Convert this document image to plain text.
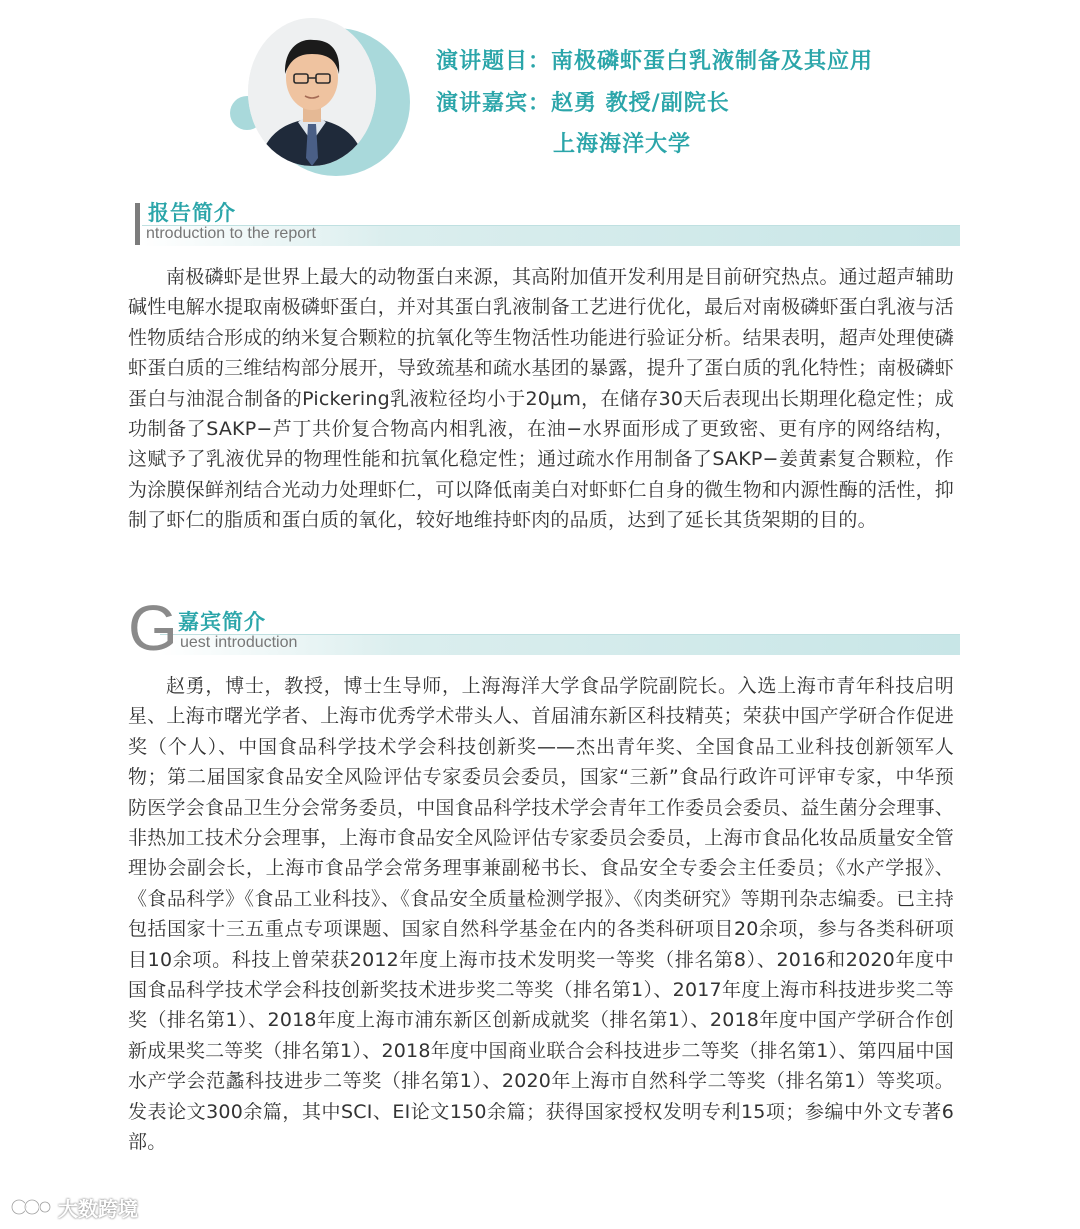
演讲题目：南极磷虾蛋白乳液制备及其应用
演讲嘉宾：赵勇 教授/副院长
上海海洋大学
报告简介
ntroduction to the report

南极磷虾是世界上最大的动物蛋白来源，其高附加值开发利用是目前研究热点。通过超声辅助碱性电解水提取南极磷虾蛋白，并对其蛋白乳液制备工艺进行优化，最后对南极磷虾蛋白乳液与活性物质结合形成的纳米复合颗粒的抗氧化等生物活性功能进行验证分析。结果表明，超声处理使磷虾蛋白质的三维结构部分展开，导致巯基和疏水基团的暴露，提升了蛋白质的乳化特性；南极磷虾蛋白与油混合制备的Pickering乳液粒径均小于20μm，在储存30天后表现出长期理化稳定性；成功制备了SAKP−芦丁共价复合物高内相乳液，在油−水界面形成了更致密、更有序的网络结构，这赋予了乳液优异的物理性能和抗氧化稳定性；通过疏水作用制备了SAKP−姜黄素复合颗粒，作为涂膜保鲜剂结合光动力处理虾仁，可以降低南美白对虾虾仁自身的微生物和内源性酶的活性，抑制了虾仁的脂质和蛋白质的氧化，较好地维持虾肉的品质，达到了延长其货架期的目的。

G 嘉宾简介
uest introduction

赵勇，博士，教授，博士生导师，上海海洋大学食品学院副院长。入选上海市青年科技启明星、上海市曙光学者、上海市优秀学术带头人、首届浦东新区科技精英；荣获中国产学研合作促进奖（个人）、中国食品科学技术学会科技创新奖——杰出青年奖、全国食品工业科技创新领军人物；第二届国家食品安全风险评估专家委员会委员，国家“三新”食品行政许可评审专家，中华预防医学会食品卫生分会常务委员，中国食品科学技术学会青年工作委员会委员、益生菌分会理事、非热加工技术分会理事，上海市食品安全风险评估专家委员会委员，上海市食品化妆品质量安全管理协会副会长，上海市食品学会常务理事兼副秘书长、食品安全专委会主任委员；《水产学报》、《食品科学》《食品工业科技》、《食品安全质量检测学报》、《肉类研究》等期刊杂志编委。已主持包括国家十三五重点专项课题、国家自然科学基金在内的各类科研项目20余项，参与各类科研项目10余项。科技上曾荣获2012年度上海市技术发明奖一等奖（排名第8）、2016和2020年度中国食品科学技术学会科技创新奖技术进步奖二等奖（排名第1）、2017年度上海市科技进步奖二等奖（排名第1）、2018年度上海市浦东新区创新成就奖（排名第1）、2018年度中国产学研合作创新成果奖二等奖（排名第1）、2018年度中国商业联合会科技进步二等奖（排名第1）、第四届中国水产学会范蠡科技进步二等奖（排名第1）、2020年上海市自然科学二等奖（排名第1）等奖项。发表论文300余篇，其中SCI、EI论文150余篇；获得国家授权发明专利15项；参编中外文专著6部。

大数跨境
